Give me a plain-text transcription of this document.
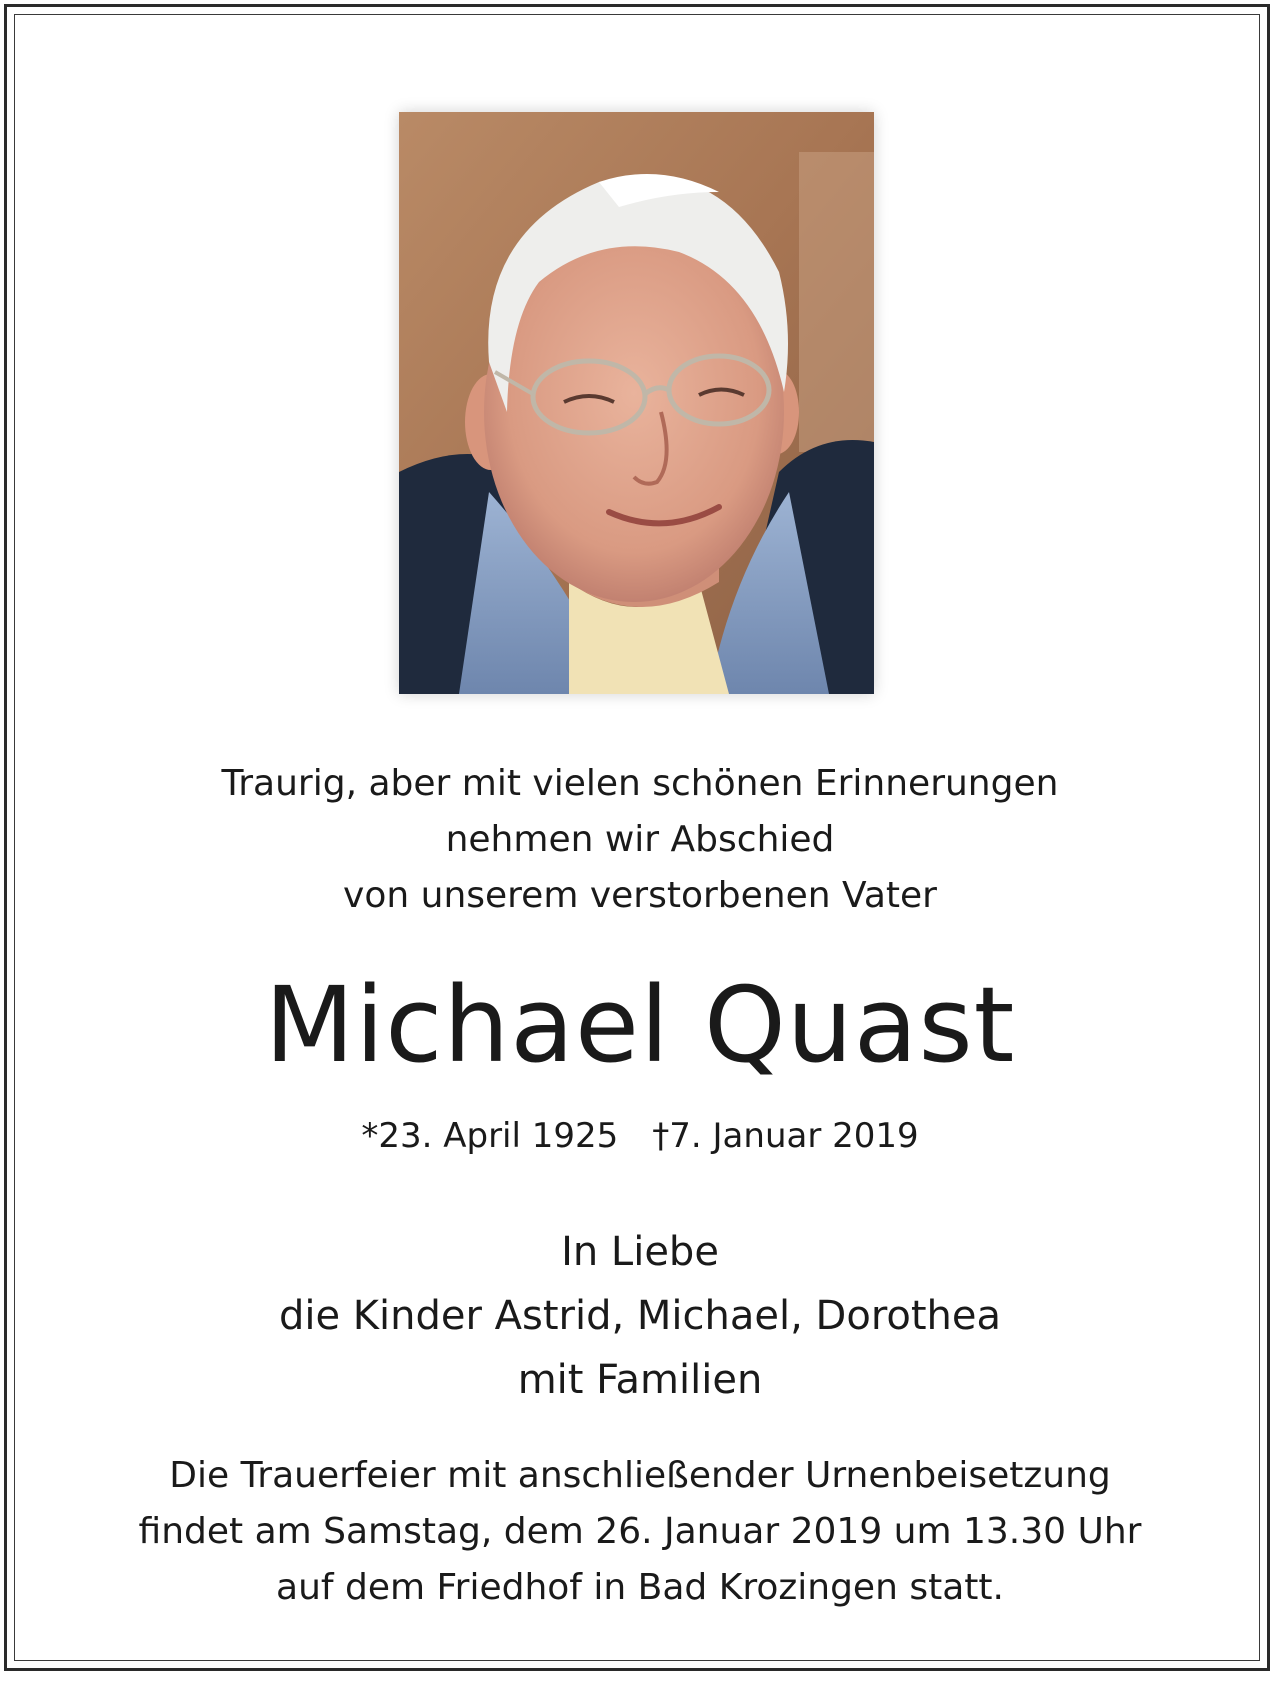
Traurig, aber mit vielen schönen Erinnerungen
nehmen wir Abschied
von unserem verstorbenen Vater
Michael Quast
*23. April 1925 †7. Januar 2019
In Liebe
die Kinder Astrid, Michael, Dorothea
mit Familien
Die Trauerfeier mit anschließender Urnenbeisetzung
findet am Samstag, dem 26. Januar 2019 um 13.30 Uhr
auf dem Friedhof in Bad Krozingen statt.
